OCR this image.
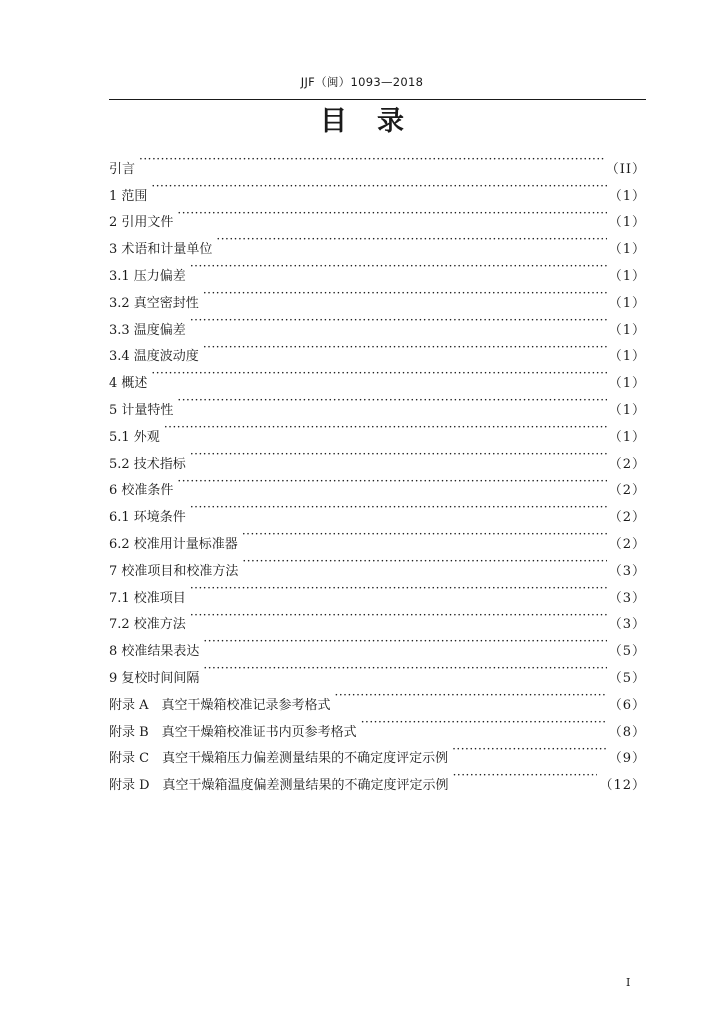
JJF（闽）1093—2018
目录
引言 ·····	（II）
1 范围 ·····	（1）
2 引用文件 ·····	（1）
3 术语和计量单位 ·····	（1）
3.1 压力偏差 ·····	（1）
3.2 真空密封性 ·····	（1）
3.3 温度偏差 ·····	（1）
3.4 温度波动度 ·····	（1）
4 概述 ·····	（1）
5 计量特性 ·····	（1）
5.1 外观 ·····	（1）
5.2 技术指标 ·····	（2）
6 校准条件 ·····	（2）
6.1 环境条件 ·····	（2）
6.2 校准用计量标准器 ·····	（2）
7 校准项目和校准方法 ·····	（3）
7.1 校准项目 ·····	（3）
7.2 校准方法 ·····	（3）
8 校准结果表达 ·····	（5）
9 复校时间间隔 ·····	（5）
附录 A　真空干燥箱校准记录参考格式 ·····	（6）
附录 B　真空干燥箱校准证书内页参考格式 ·····	（8）
附录 C　真空干燥箱压力偏差测量结果的不确定度评定示例 ·····	（9）
附录 D　真空干燥箱温度偏差测量结果的不确定度评定示例 ·····	（12）
I
